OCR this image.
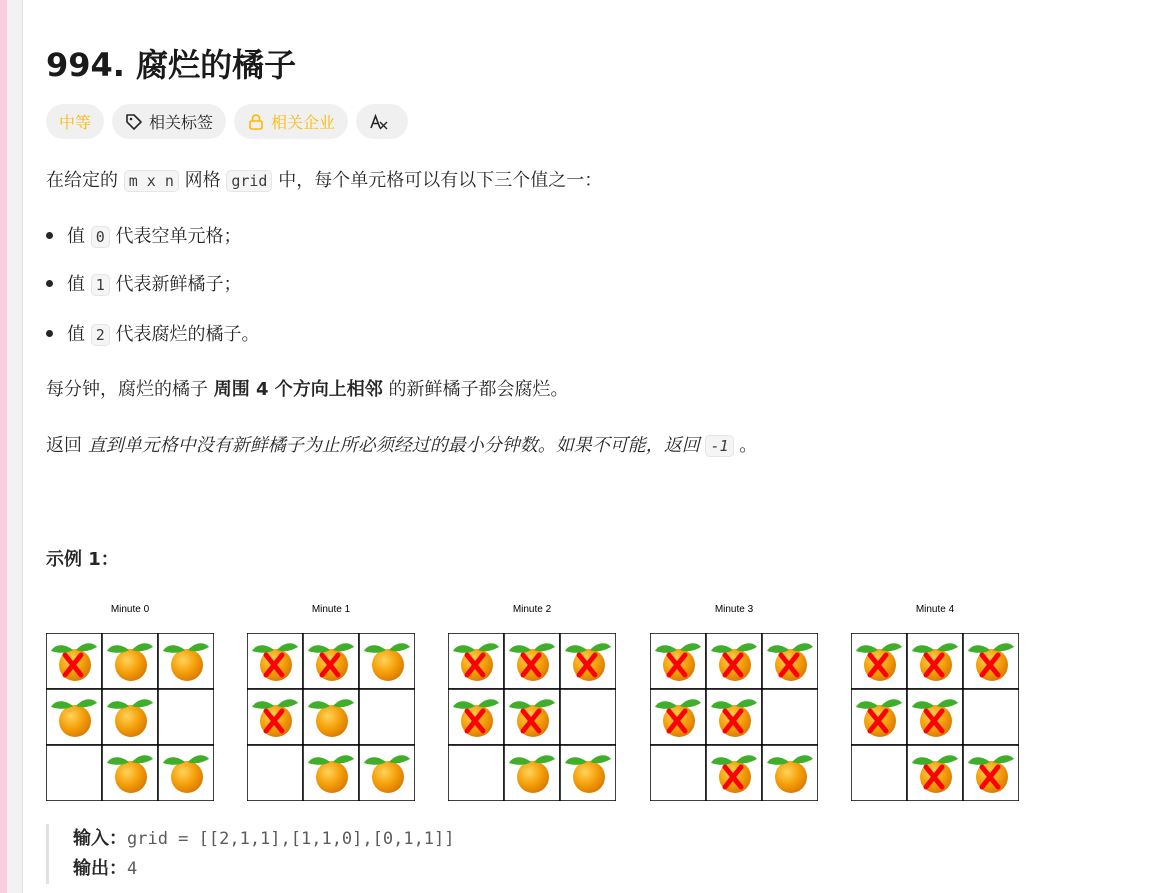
994. 腐烂的橘子
中等	相关标签	相关企业
在给定的 m x n 网格 grid 中，每个单元格可以有以下三个值之一：
值 0 代表空单元格；
值 1 代表新鲜橘子；
值 2 代表腐烂的橘子。
每分钟，腐烂的橘子 周围 4 个方向上相邻 的新鲜橘子都会腐烂。
返回 直到单元格中没有新鲜橘子为止所必须经过的最小分钟数。如果不可能，返回 -1 。
示例 1：
Minute 0	Minute 1	Minute 2	Minute 3	Minute 4
输入：grid = [[2,1,1],[1,1,0],[0,1,1]]
输出：4
